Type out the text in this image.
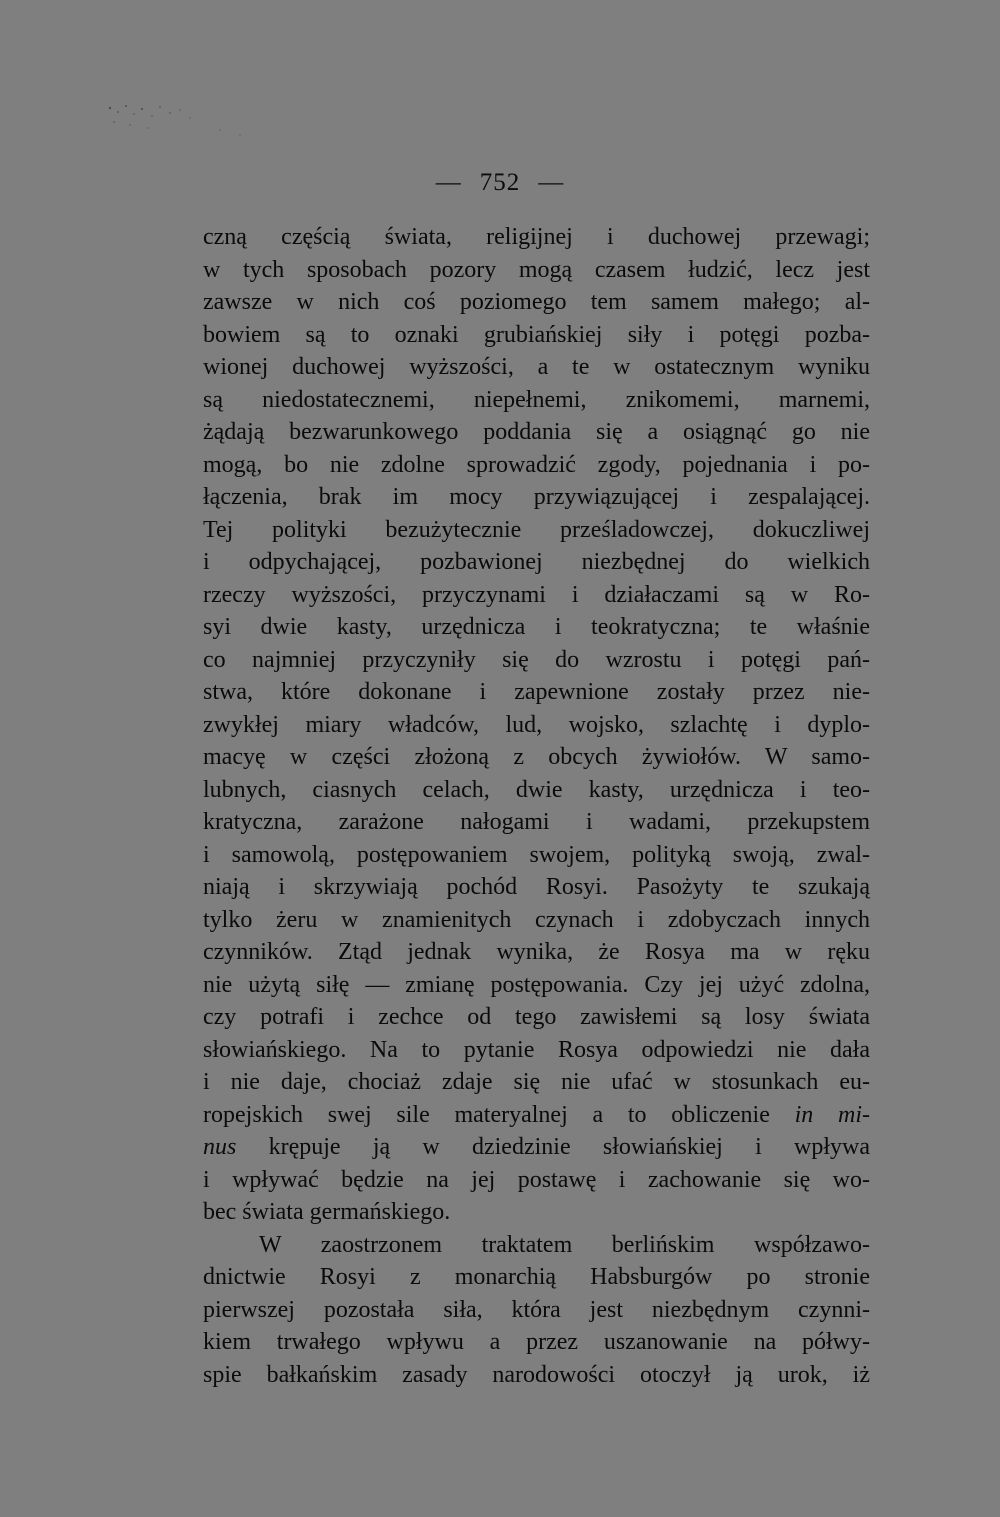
— 752 —
czną częścią świata, religijnej i duchowej przewagi;
w tych sposobach pozory mogą czasem łudzić, lecz jest
zawsze w nich coś poziomego tem samem małego; al-
bowiem są to oznaki grubiańskiej siły i potęgi pozba-
wionej duchowej wyższości, a te w ostatecznym wyniku
są niedostatecznemi, niepełnemi, znikomemi, marnemi,
żądają bezwarunkowego poddania się a osiągnąć go nie
mogą, bo nie zdolne sprowadzić zgody, pojednania i po-
łączenia, brak im mocy przywiązującej i zespalającej.
Tej polityki bezużytecznie prześladowczej, dokuczliwej
i odpychającej, pozbawionej niezbędnej do wielkich
rzeczy wyższości, przyczynami i działaczami są w Ro-
syi dwie kasty, urzędnicza i teokratyczna; te właśnie
co najmniej przyczyniły się do wzrostu i potęgi pań-
stwa, które dokonane i zapewnione zostały przez nie-
zwykłej miary władców, lud, wojsko, szlachtę i dyplo-
macyę w części złożoną z obcych żywiołów. W samo-
lubnych, ciasnych celach, dwie kasty, urzędnicza i teo-
kratyczna, zarażone nałogami i wadami, przekupstem
i samowolą, postępowaniem swojem, polityką swoją, zwal-
niają i skrzywiają pochód Rosyi. Pasożyty te szukają
tylko żeru w znamienitych czynach i zdobyczach innych
czynników. Ztąd jednak wynika, że Rosya ma w ręku
nie użytą siłę — zmianę postępowania. Czy jej użyć zdolna,
czy potrafi i zechce od tego zawisłemi są losy świata
słowiańskiego. Na to pytanie Rosya odpowiedzi nie dała
i nie daje, chociaż zdaje się nie ufać w stosunkach eu-
ropejskich swej sile materyalnej a to obliczenie in mi-
nus krępuje ją w dziedzinie słowiańskiej i wpływa
i wpływać będzie na jej postawę i zachowanie się wo-
bec świata germańskiego.
W zaostrzonem traktatem berlińskim współzawo-
dnictwie Rosyi z monarchią Habsburgów po stronie
pierwszej pozostała siła, która jest niezbędnym czynni-
kiem trwałego wpływu a przez uszanowanie na półwy-
spie bałkańskim zasady narodowości otoczył ją urok, iż
